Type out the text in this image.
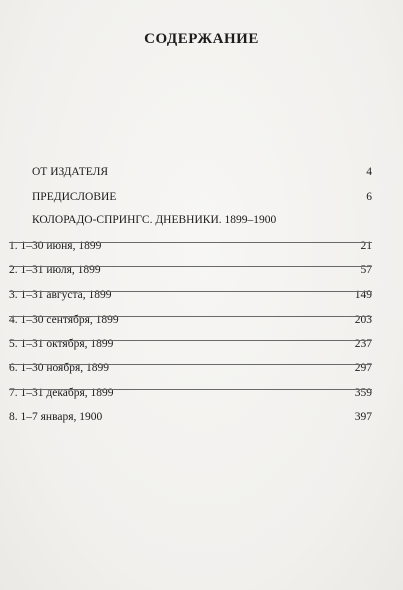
СОДЕРЖАНИЕ
ОТ ИЗДАТЕЛЯ	4
ПРЕДИСЛОВИЕ	6
КОЛОРАДО-СПРИНГС. ДНЕВНИКИ. 1899–1900
1. 1–30 июня, 1899	21
2. 1–31 июля, 1899	57
3. 1–31 августа, 1899	149
4. 1–30 сентября, 1899	203
5. 1–31 октября, 1899	237
6. 1–30 ноября, 1899	297
7. 1–31 декабря, 1899	359
8. 1–7 января, 1900	397
